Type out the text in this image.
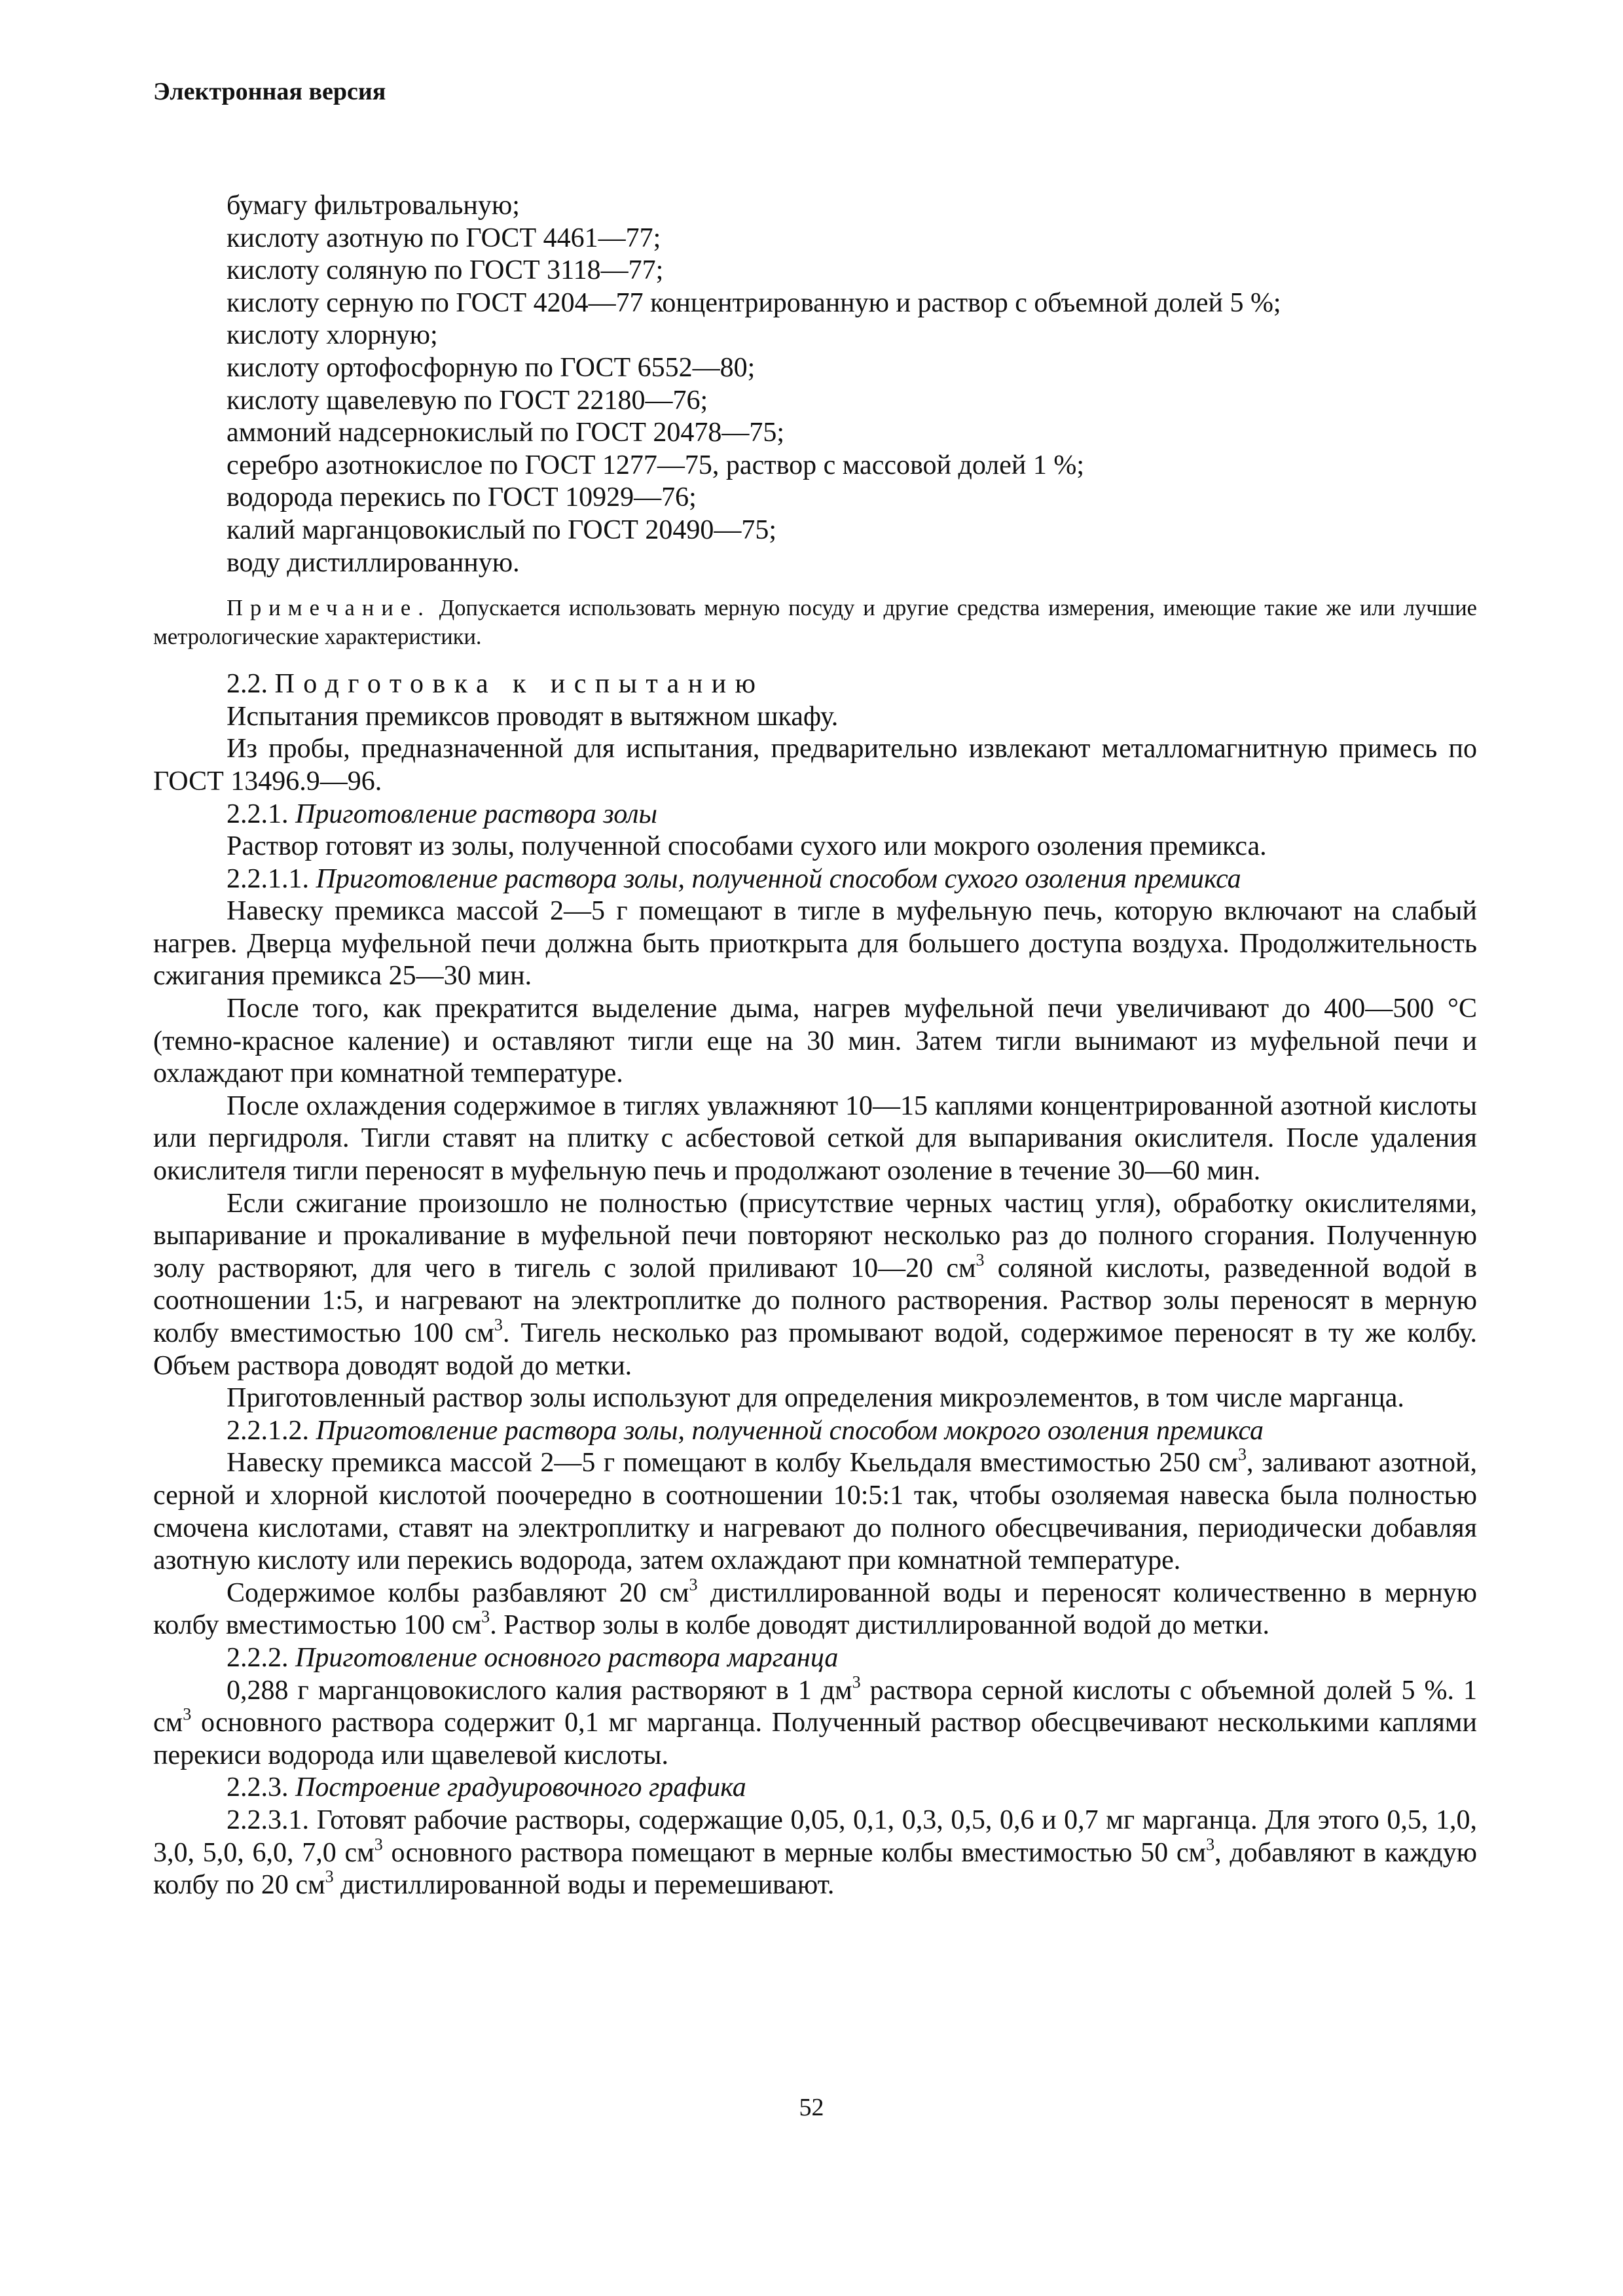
Электронная версия

бумагу фильтровальную;

кислоту азотную по ГОСТ 4461—77;

кислоту соляную по ГОСТ 3118—77;

кислоту серную по ГОСТ 4204—77 концентрированную и раствор с объемной долей 5 %;

кислоту хлорную;

кислоту ортофосфорную по ГОСТ 6552—80;

кислоту щавелевую по ГОСТ 22180—76;

аммоний надсернокислый по ГОСТ 20478—75;

серебро азотнокислое по ГОСТ 1277—75, раствор с массовой долей 1 %;

водорода перекись по ГОСТ 10929—76;

калий марганцовокислый по ГОСТ 20490—75;

воду дистиллированную.

Примечание. Допускается использовать мерную посуду и другие средства измерения, имеющие такие же или лучшие метрологические характеристики.

2.2. Подготовка к испытанию

Испытания премиксов проводят в вытяжном шкафу.

Из пробы, предназначенной для испытания, предварительно извлекают металломагнитную примесь по ГОСТ 13496.9—96.

2.2.1. Приготовление раствора золы

Раствор готовят из золы, полученной способами сухого или мокрого озоления премикса.

2.2.1.1. Приготовление раствора золы, полученной способом сухого озоления премикса

Навеску премикса массой 2—5 г помещают в тигле в муфельную печь, которую включают на слабый нагрев. Дверца муфельной печи должна быть приоткрыта для большего доступа воздуха. Продолжительность сжигания премикса 25—30 мин.

После того, как прекратится выделение дыма, нагрев муфельной печи увеличивают до 400—500 °С (темно-красное каление) и оставляют тигли еще на 30 мин. Затем тигли вынимают из муфельной печи и охлаждают при комнатной температуре.

После охлаждения содержимое в тиглях увлажняют 10—15 каплями концентрированной азотной кислоты или пергидроля. Тигли ставят на плитку с асбестовой сеткой для выпаривания окислителя. После удаления окислителя тигли переносят в муфельную печь и продолжают озоление в течение 30—60 мин.

Если сжигание произошло не полностью (присутствие черных частиц угля), обработку окислителями, выпаривание и прокаливание в муфельной печи повторяют несколько раз до полного сгорания. Полученную золу растворяют, для чего в тигель с золой приливают 10—20 $см^3$ соляной кислоты, разведенной водой в соотношении 1:5, и нагревают на электроплитке до полного растворения. Раствор золы переносят в мерную колбу вместимостью 100 $см^3$. Тигель несколько раз промывают водой, содержимое переносят в ту же колбу. Объем раствора доводят водой до метки.

Приготовленный раствор золы используют для определения микроэлементов, в том числе марганца.

2.2.1.2. Приготовление раствора золы, полученной способом мокрого озоления премикса

Навеску премикса массой 2—5 г помещают в колбу Кьельдаля вместимостью 250 $см^3$, заливают азотной, серной и хлорной кислотой поочередно в соотношении 10:5:1 так, чтобы озоляемая навеска была полностью смочена кислотами, ставят на электроплитку и нагревают до полного обесцвечивания, периодически добавляя азотную кислоту или перекись водорода, затем охлаждают при комнатной температуре.

Содержимое колбы разбавляют 20 $см^3$ дистиллированной воды и переносят количественно в мерную колбу вместимостью 100 $см^3$. Раствор золы в колбе доводят дистиллированной водой до метки.

2.2.2. Приготовление основного раствора марганца

0,288 г марганцовокислого калия растворяют в 1 $дм^3$ раствора серной кислоты с объемной долей 5 %. 1 $см^3$ основного раствора содержит 0,1 мг марганца. Полученный раствор обесцвечивают несколькими каплями перекиси водорода или щавелевой кислоты.

2.2.3. Построение градуировочного графика

2.2.3.1. Готовят рабочие растворы, содержащие 0,05, 0,1, 0,3, 0,5, 0,6 и 0,7 мг марганца. Для этого 0,5, 1,0, 3,0, 5,0, 6,0, 7,0 $см^3$ основного раствора помещают в мерные колбы вместимостью 50 $см^3$, добавляют в каждую колбу по 20 $см^3$ дистиллированной воды и перемешивают.

52
